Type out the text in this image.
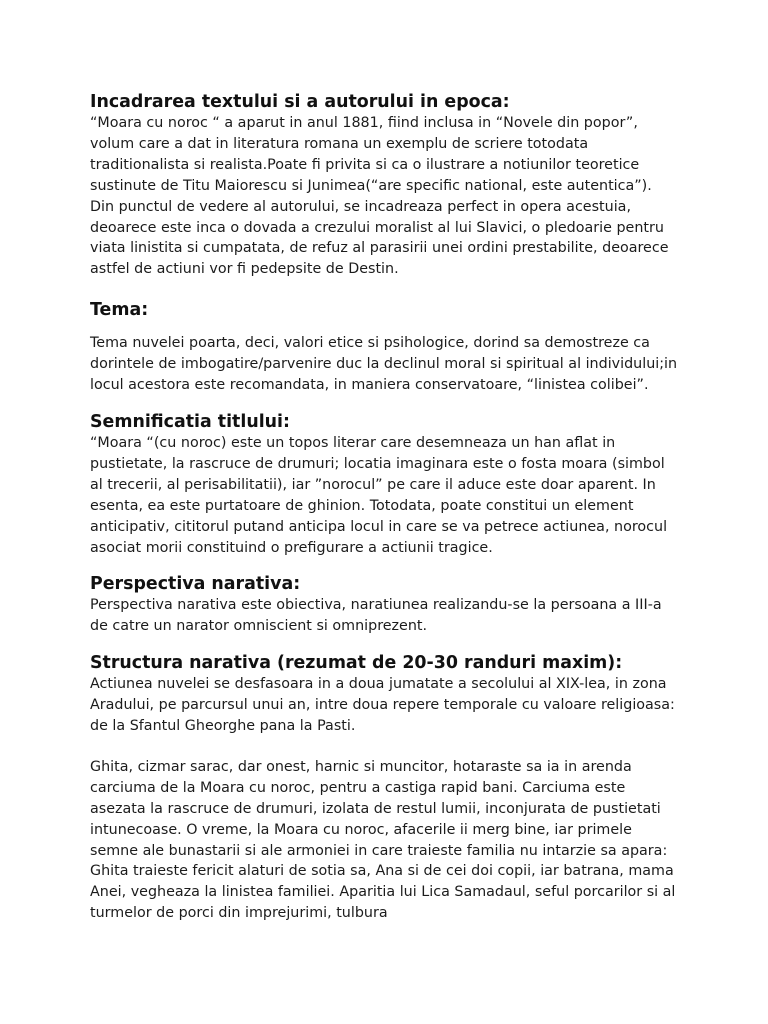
Incadrarea textului si a autorului in epoca:

“Moara cu noroc “ a aparut in anul 1881, fiind inclusa in “Novele din popor”, volum care a dat in literatura romana un exemplu de scriere totodata traditionalista si realista.Poate fi privita si ca o ilustrare a notiunilor teoretice sustinute de Titu Maiorescu si Junimea(“are specific national, este autentica”).

Din punctul de vedere al autorului, se incadreaza perfect in opera acestuia, deoarece este inca o dovada a crezului moralist al lui Slavici, o pledoarie pentru viata linistita si cumpatata, de refuz al parasirii unei ordini prestabilite, deoarece astfel de actiuni vor fi pedepsite de Destin.

Tema:

Tema nuvelei poarta, deci, valori etice si psihologice, dorind sa demostreze ca dorintele de imbogatire/parvenire duc la declinul moral si spiritual al individului;in locul acestora este recomandata, in maniera conservatoare, “linistea colibei”.

Semnificatia titlului:

“Moara “(cu noroc) este un topos literar care desemneaza un han aflat in pustietate, la rascruce de drumuri; locatia imaginara este o fosta moara (simbol al trecerii, al perisabilitatii), iar ”norocul” pe care il aduce este doar aparent. In esenta, ea este purtatoare de ghinion. Totodata, poate constitui un element anticipativ, cititorul putand anticipa locul in care se va petrece actiunea, norocul asociat morii constituind o prefigurare a actiunii tragice.

Perspectiva narativa:

Perspectiva narativa este obiectiva, naratiunea realizandu-se la persoana a III-a de catre un narator omniscient si omniprezent.

Structura narativa (rezumat de 20-30 randuri maxim):

Actiunea nuvelei se desfasoara in a doua jumatate a secolului al XIX-lea, in zona Aradului, pe parcursul unui an, intre doua repere temporale cu valoare religioasa: de la Sfantul Gheorghe pana la Pasti.

Ghita, cizmar sarac, dar onest, harnic si muncitor, hotaraste sa ia in arenda carciuma de la Moara cu noroc, pentru a castiga rapid bani. Carciuma este asezata la rascruce de drumuri, izolata de restul lumii, inconjurata de pustietati intunecoase. O vreme, la Moara cu noroc, afacerile ii merg bine, iar primele semne ale bunastarii si ale armoniei in care traieste familia nu intarzie sa apara: Ghita traieste fericit alaturi de sotia sa, Ana si de cei doi copii, iar batrana, mama Anei, vegheaza la linistea familiei. Aparitia lui Lica Samadaul, seful porcarilor si al turmelor de porci din imprejurimi, tulbura
